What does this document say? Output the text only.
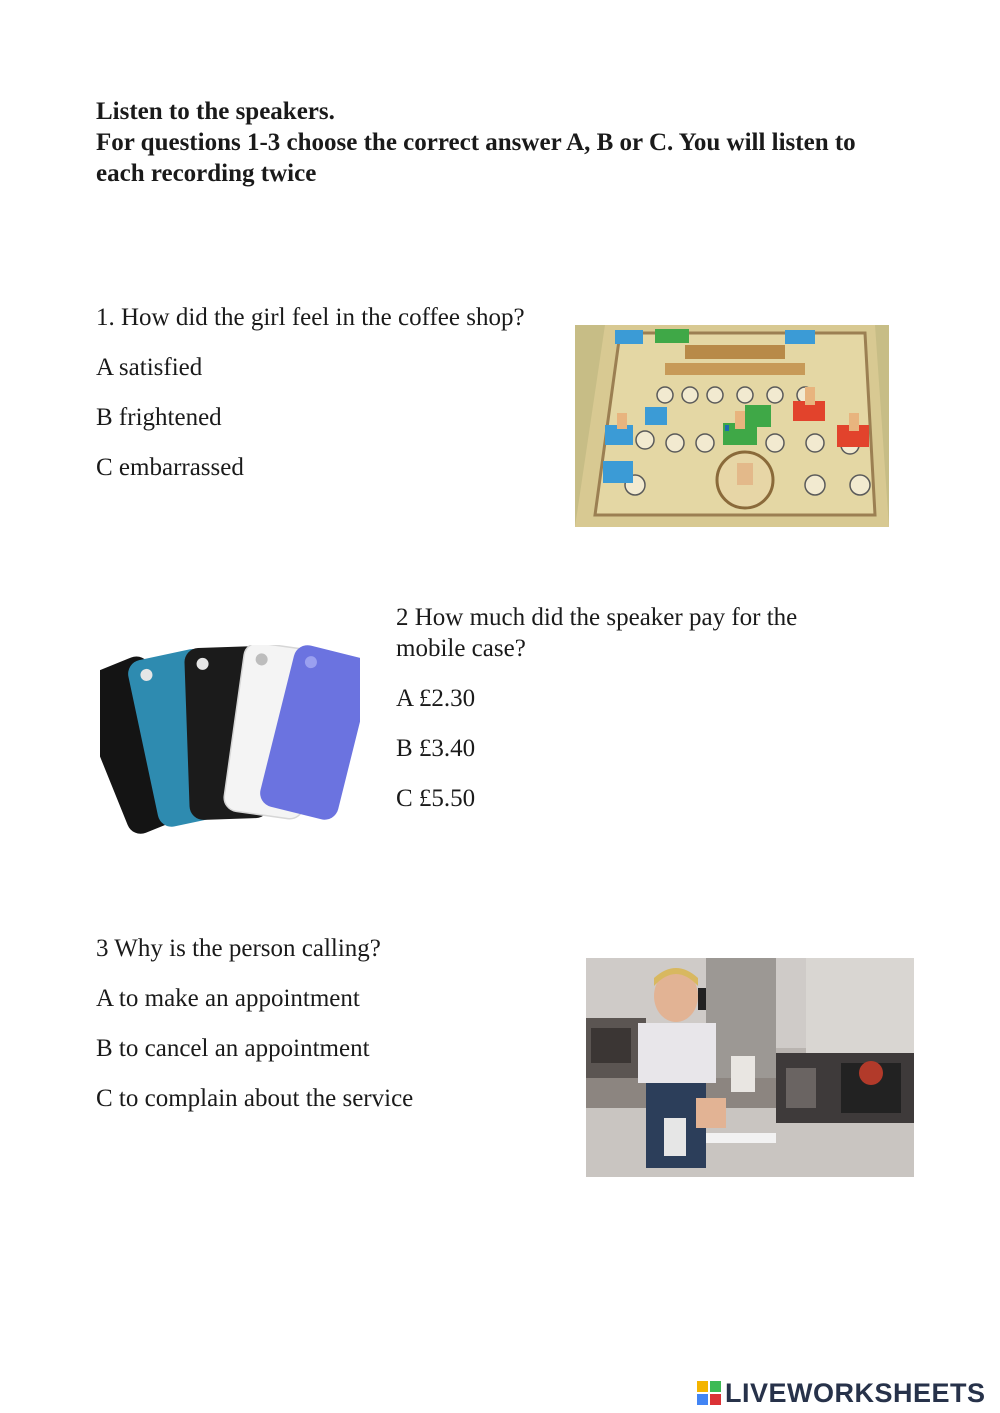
Listen to the speakers.
For questions 1-3 choose the correct answer A, B or C. You will listen to each recording twice
1. How did the girl feel in the coffee shop?
A satisfied
B frightened
C embarrassed
2 How much did the speaker pay for the mobile case?
A £2.30
B £3.40
C £5.50
3 Why is the person calling?
A to make an appointment
B to cancel an appointment
C to complain about the service
LIVEWORKSHEETS
